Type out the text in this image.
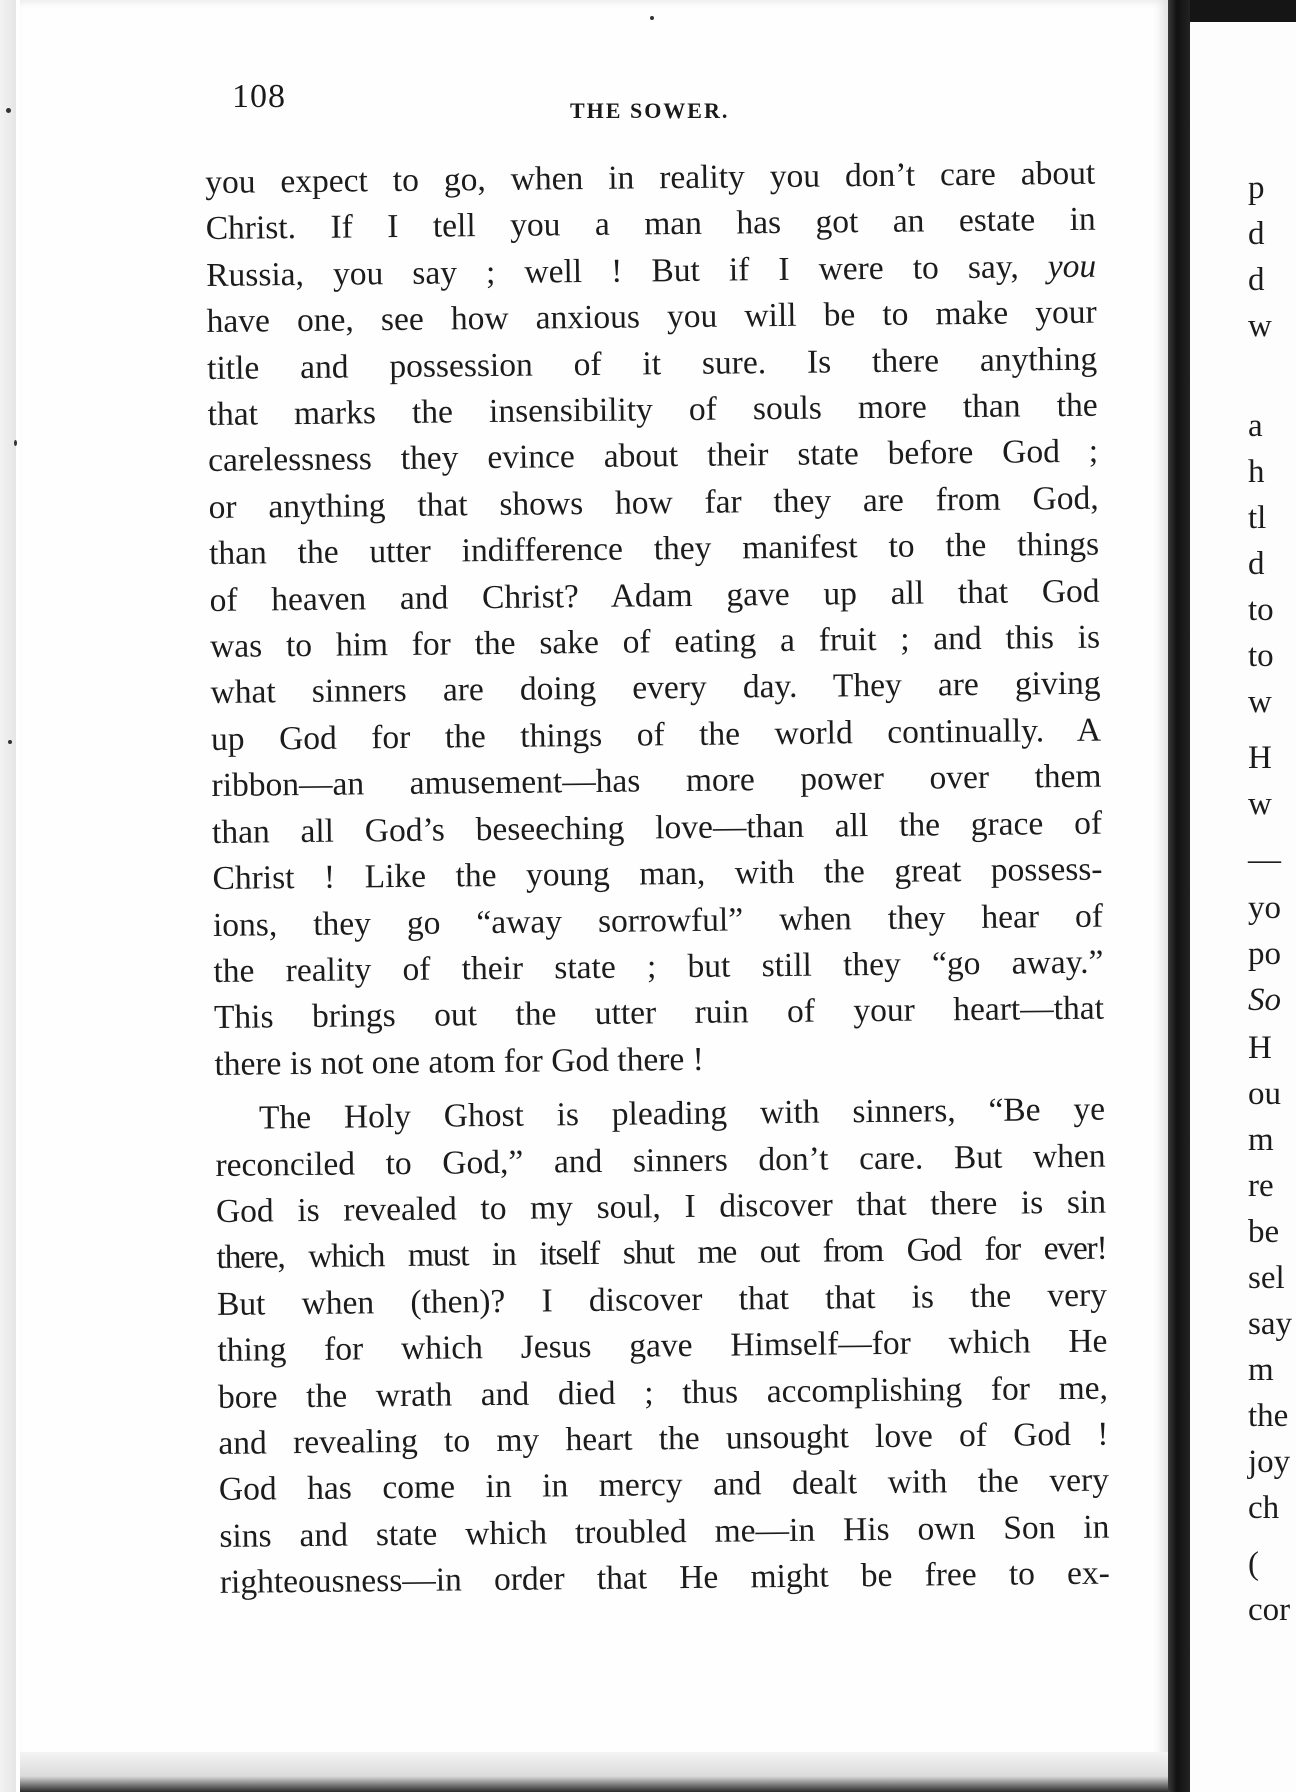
108	THE SOWER.
you expect to go, when in reality you don’t care about
Christ. If I tell you a man has got an estate in
Russia, you say ; well ! But if I were to say, you
have one, see how anxious you will be to make your
title and possession of it sure. Is there anything
that marks the insensibility of souls more than the
carelessness they evince about their state before God ;
or anything that shows how far they are from God,
than the utter indifference they manifest to the things
of heaven and Christ? Adam gave up all that God
was to him for the sake of eating a fruit ; and this is
what sinners are doing every day. They are giving
up God for the things of the world continually. A
ribbon—an amusement—has more power over them
than all God’s beseeching love—than all the grace of
Christ ! Like the young man, with the great possess-
ions, they go “away sorrowful” when they hear of
the reality of their state ; but still they “go away.”
This brings out the utter ruin of your heart—that
there is not one atom for God there !
The Holy Ghost is pleading with sinners, “Be ye
reconciled to God,” and sinners don’t care. But when
God is revealed to my soul, I discover that there is sin
there, which must in itself shut me out from God for ever!
But when (then)? I discover that that is the very
thing for which Jesus gave Himself—for which He
bore the wrath and died ; thus accomplishing for me,
and revealing to my heart the unsought love of God !
God has come in in mercy and dealt with the very
sins and state which troubled me—in His own Son in
righteousness—in order that He might be free to ex-
p
d
d
w
a
h
tl
d
to
to
w
H
w
—
yo
po
So
H
ou
m
re
be
sel
say
m
the
joy
ch
(
cor
